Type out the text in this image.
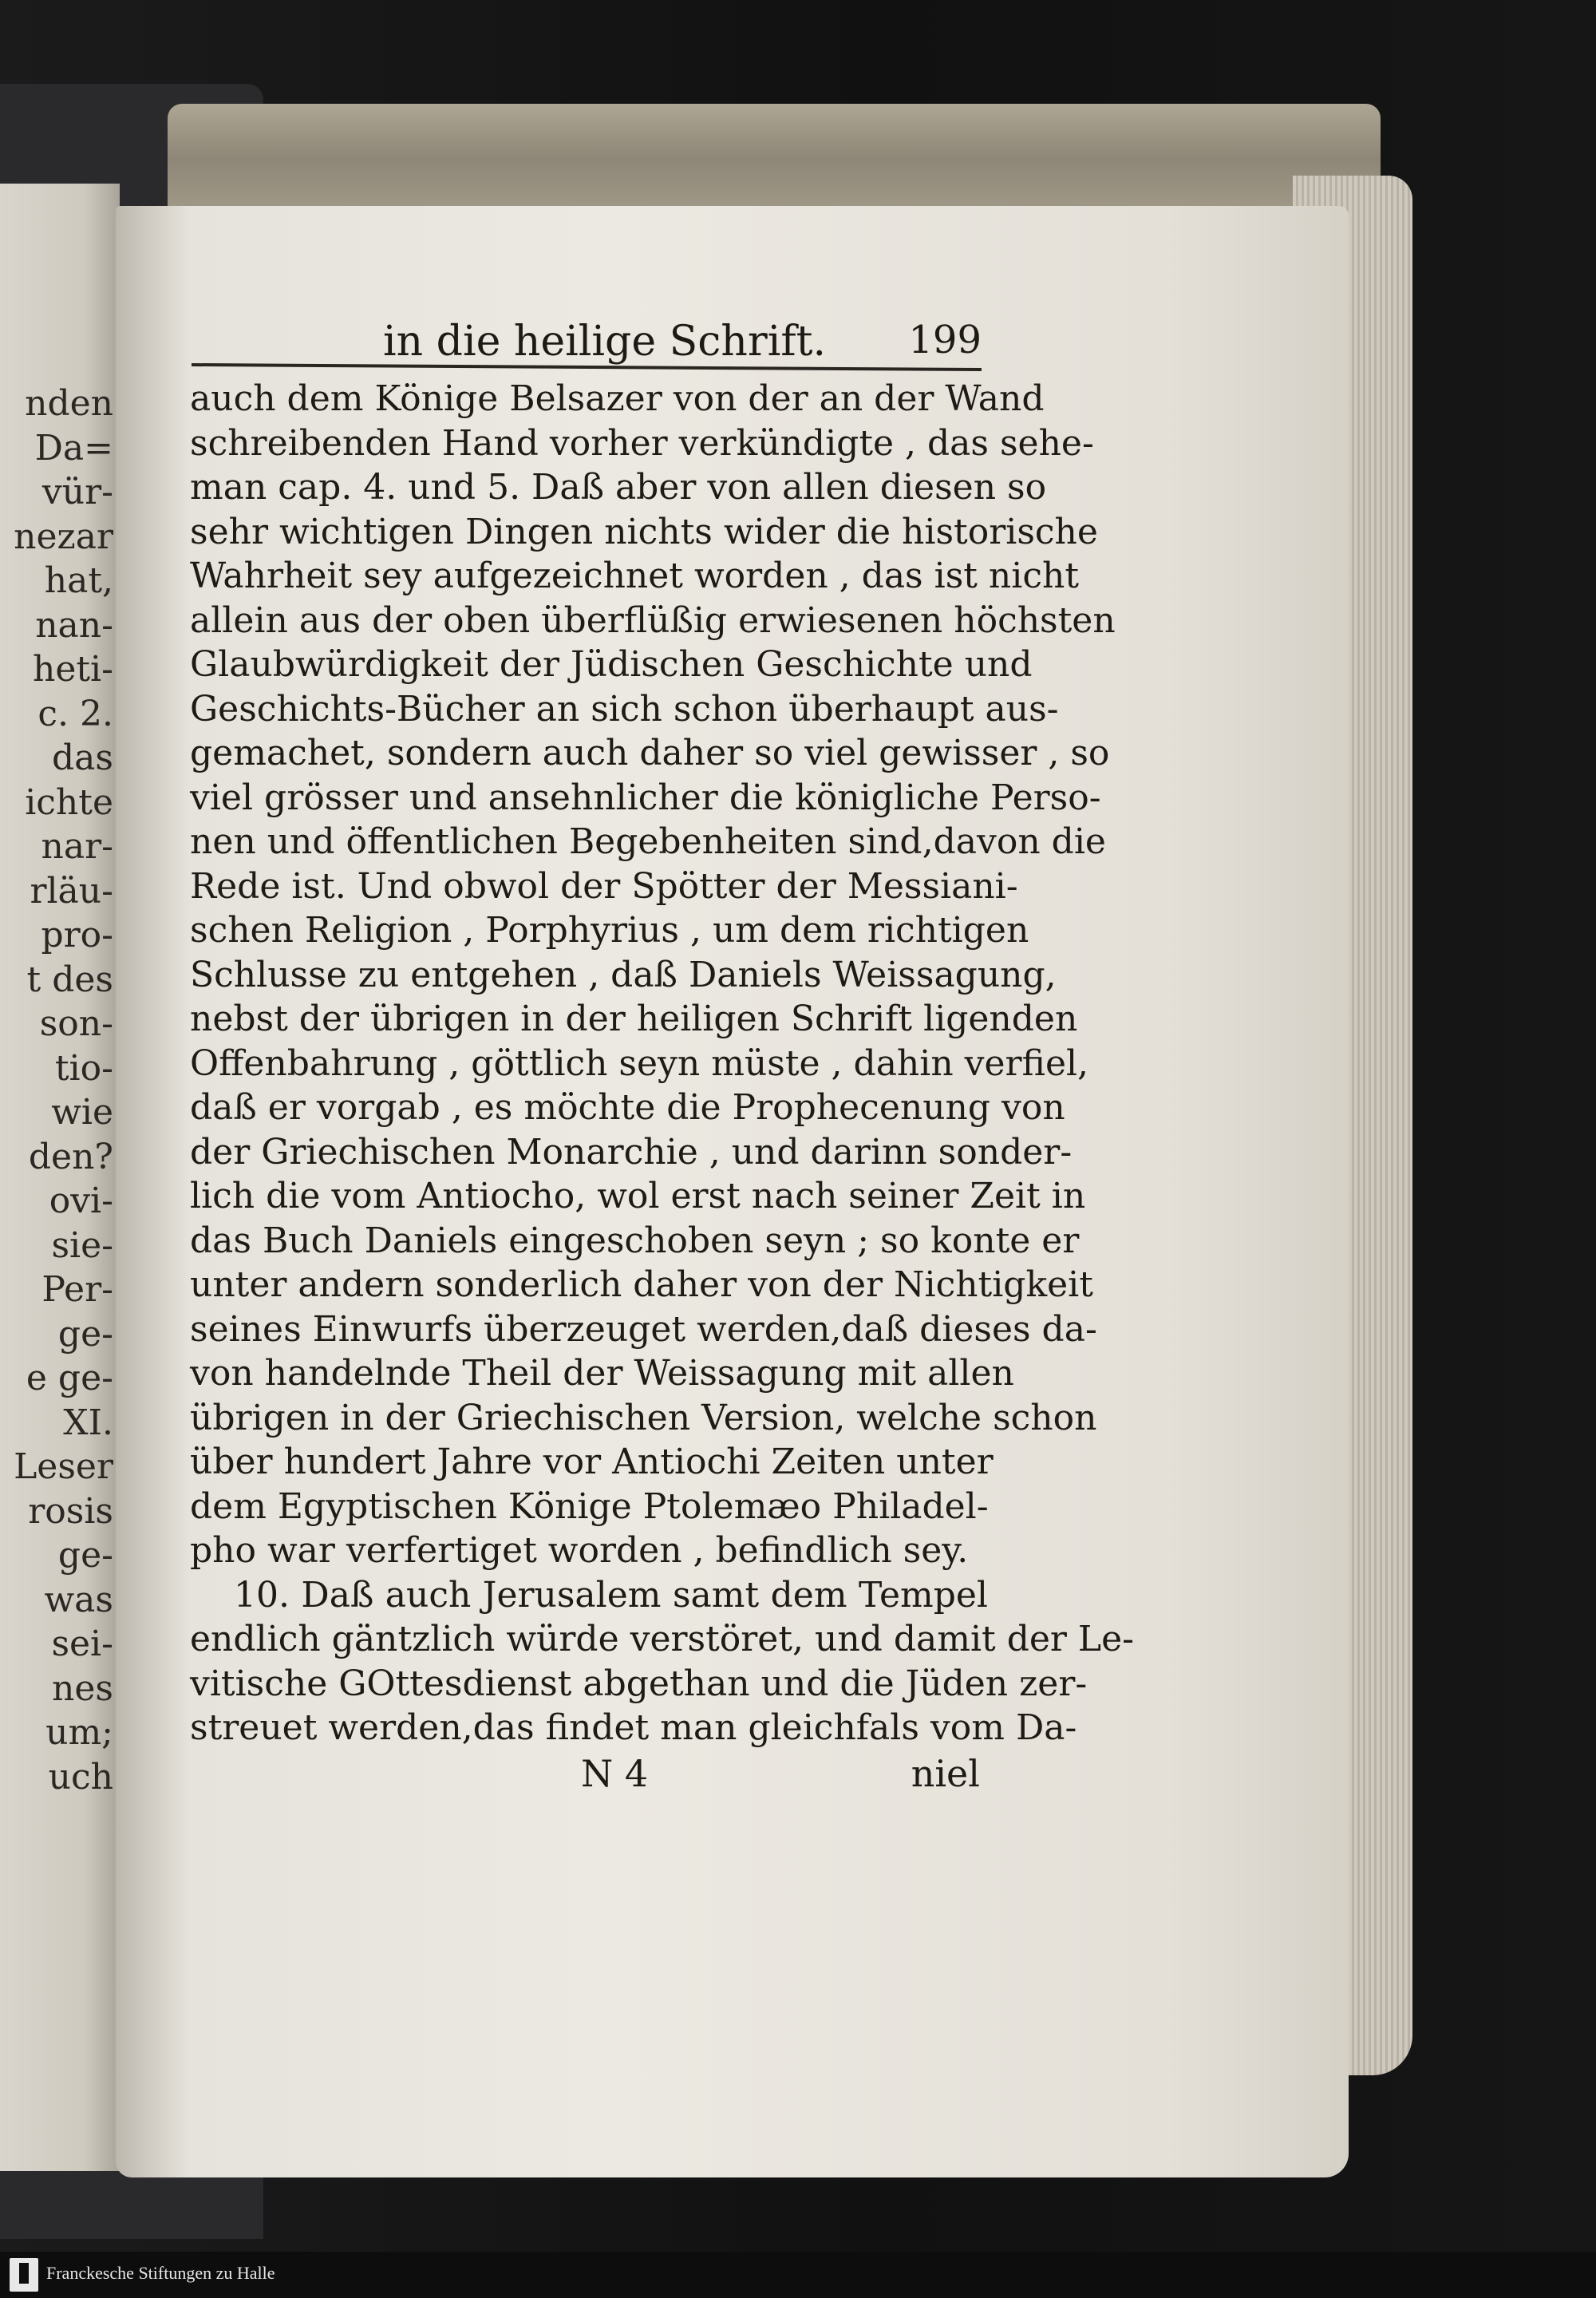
nden
Da=
vür-
nezar
hat,
nan-
heti-
c. 2.
das
ichte
nar-
rläu-
pro-
t des
son-
tio-
wie
den?
ovi-
sie-
Per-
ge-
e ge-
XI.
Leser
rosis
ge-
was
sei-
nes
um;
uch
in die heilige Schrift. 199
auch dem Könige Belsazer von der an der Wand
schreibenden Hand vorher verkündigte , das sehe-
man cap. 4. und 5. Daß aber von allen diesen so
sehr wichtigen Dingen nichts wider die historische
Wahrheit sey aufgezeichnet worden , das ist nicht
allein aus der oben überflüßig erwiesenen höchsten
Glaubwürdigkeit der Jüdischen Geschichte und
Geschichts-Bücher an sich schon überhaupt aus-
gemachet, sondern auch daher so viel gewisser , so
viel grösser und ansehnlicher die königliche Perso-
nen und öffentlichen Begebenheiten sind,davon die
Rede ist. Und obwol der Spötter der Messiani-
schen Religion , Porphyrius , um dem richtigen
Schlusse zu entgehen , daß Daniels Weissagung,
nebst der übrigen in der heiligen Schrift ligenden
Offenbahrung , göttlich seyn müste , dahin verfiel,
daß er vorgab , es möchte die Prophecenung von
der Griechischen Monarchie , und darinn sonder-
lich die vom Antiocho, wol erst nach seiner Zeit in
das Buch Daniels eingeschoben seyn ; so konte er
unter andern sonderlich daher von der Nichtigkeit
seines Einwurfs überzeuget werden,daß dieses da-
von handelnde Theil der Weissagung mit allen
übrigen in der Griechischen Version, welche schon
über hundert Jahre vor Antiochi Zeiten unter
dem Egyptischen Könige Ptolemæo Philadel-
pho war verfertiget worden , befindlich sey.
10. Daß auch Jerusalem samt dem Tempel
endlich gäntzlich würde verstöret, und damit der Le-
vitische GOttesdienst abgethan und die Jüden zer-
streuet werden,das findet man gleichfals vom Da-
N 4	niel
Franckesche Stiftungen zu Halle
